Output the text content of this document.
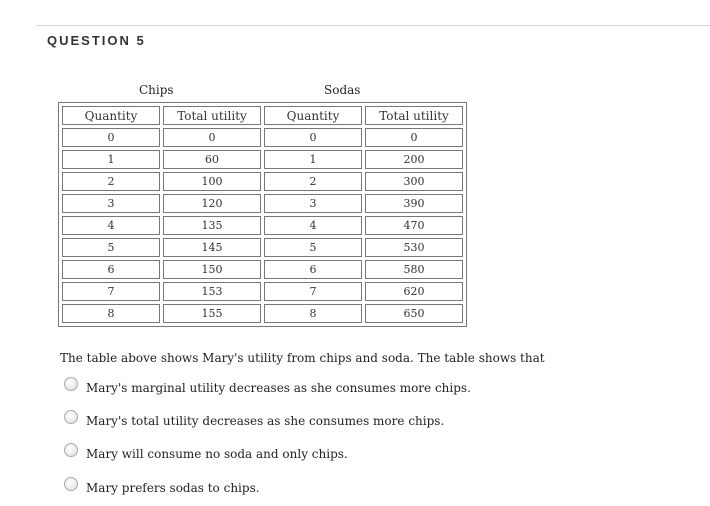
QUESTION 5
Chips	Sodas
Quantity	Total utility	Quantity	Total utility
0	0	0	0
1	60	1	200
2	100	2	300
3	120	3	390
4	135	4	470
5	145	5	530
6	150	6	580
7	153	7	620
8	155	8	650
The table above shows Mary's utility from chips and soda. The table shows that
Mary's marginal utility decreases as she consumes more chips.
Mary's total utility decreases as she consumes more chips.
Mary will consume no soda and only chips.
Mary prefers sodas to chips.
